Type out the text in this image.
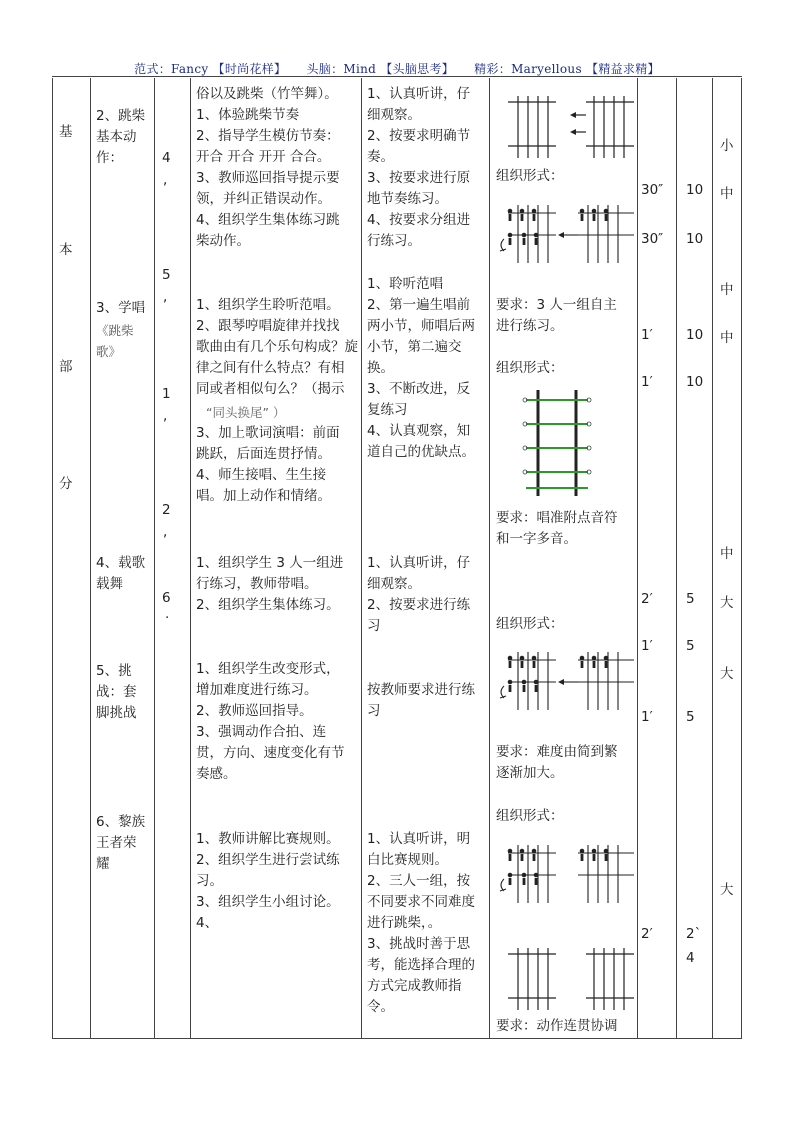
范式：Fancy 【时尚花样】 头脑：Mind 【头脑思考】 精彩：Maryellous 【精益求精】
基
本
部
分
2、跳柴
基本动
作：
3、学唱
《跳柴
歌》
4、载歌
载舞
5、挑
战：套
脚挑战
6、黎族
王者荣
耀
4
,
5
,
1
,
2
,
6
·
俗以及跳柴（竹竿舞）。
1、体验跳柴节奏
2、指导学生模仿节奏：
开合 开合 开开 合合。
3、教师巡回指导提示要
领，并纠正错误动作。
4、组织学生集体练习跳
柴动作。
1、组织学生聆听范唱。
2、跟琴哼唱旋律并找找
歌曲由有几个乐句构成？旋
律之间有什么特点？有相
同或者相似句么？（揭示
“同头换尾” ）
3、加上歌词演唱：前面
跳跃，后面连贯抒情。
4、师生接唱、生生接
唱。加上动作和情绪。
1、组织学生 3 人一组进
行练习，教师带唱。
2、组织学生集体练习。
1、组织学生改变形式，
增加难度进行练习。
2、教师巡回指导。
3、强调动作合拍、连
贯，方向、速度变化有节
奏感。
1、教师讲解比赛规则。
2、组织学生进行尝试练
习。
3、组织学生小组讨论。
4、
1、认真听讲，仔
细观察。
2、按要求明确节
奏。
3、按要求进行原
地节奏练习。
4、按要求分组进
行练习。
1、聆听范唱
2、第一遍生唱前
两小节，师唱后两
小节，第二遍交
换。
3、不断改进，反
复练习
4、认真观察，知
道自己的优缺点。
1、认真听讲，仔
细观察。
2、按要求进行练
习
按教师要求进行练
习
1、认真听讲，明
白比赛规则。
2、三人一组，按
不同要求不同难度
进行跳柴，。
3、挑战时善于思
考，能选择合理的
方式完成教师指
令。
组织形式：
要求：3 人一组自主
进行练习。
组织形式：
要求：唱准附点音符
和一字多音。
组织形式：
要求：难度由简到繁
逐渐加大。
组织形式：
要求：动作连贯协调
30″
30″
1′
1′
2′
1′
1′
2′
10
10
10
10
5
5
5
2`
4
小
中
中
中
中
大
大
大
